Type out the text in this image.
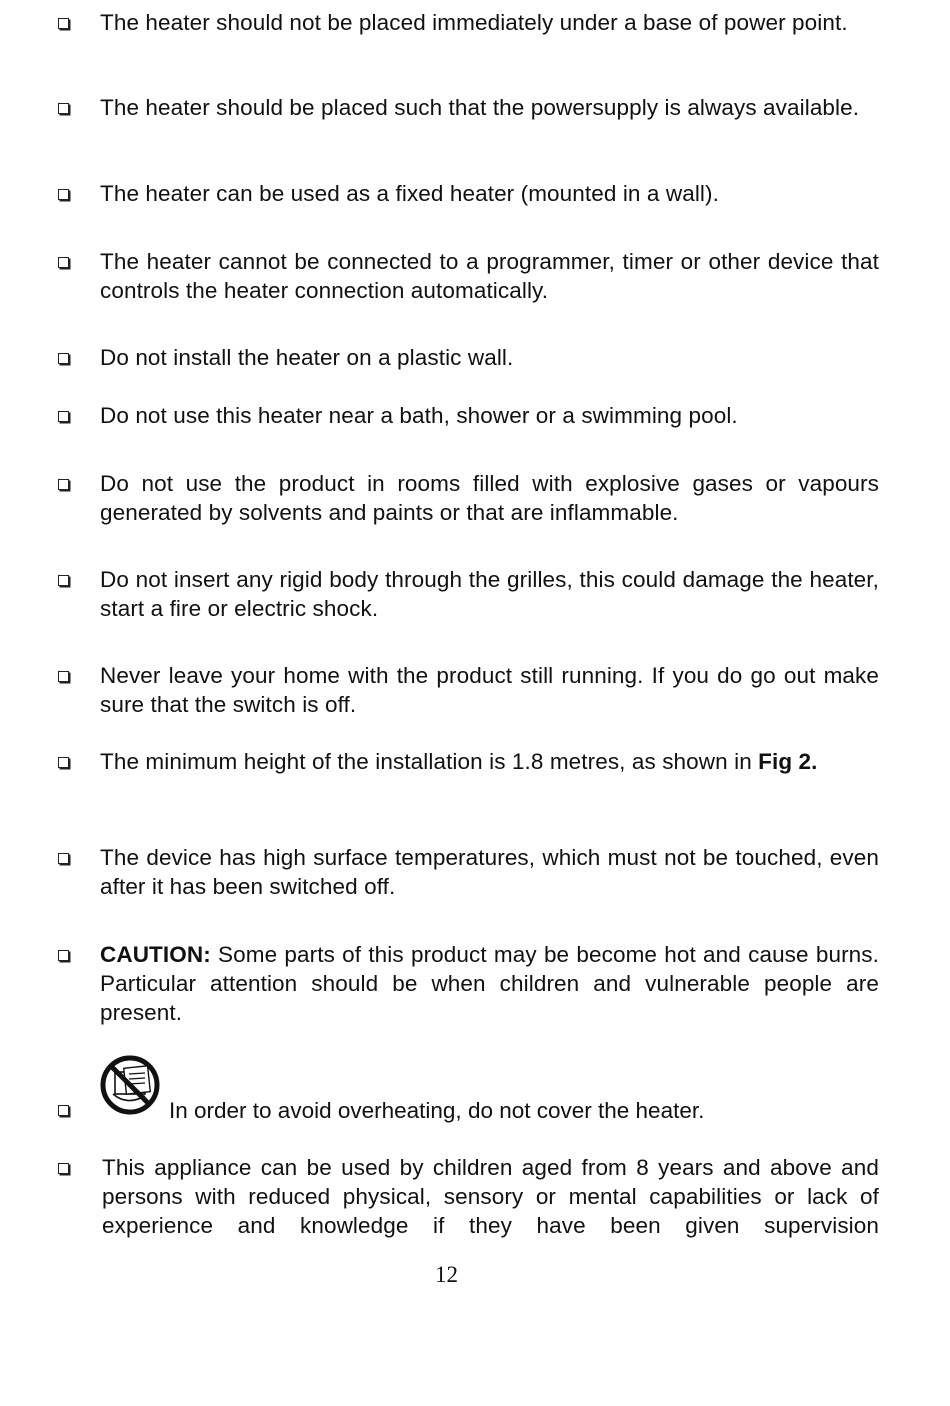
The heater should not be placed immediately under a base of power point.
The heater should be placed such that the powersupply is always available.
The heater can be used as a fixed heater (mounted in a wall).
The heater cannot be connected to a programmer, timer or other device that controls the heater connection automatically.
Do not install the heater on a plastic wall.
Do not use this heater near a bath, shower or a swimming pool.
Do not use the product in rooms filled with explosive gases or vapours generated by solvents and paints or that are inflammable.
Do not insert any rigid body through the grilles, this could damage the heater, start a fire or electric shock.
Never leave your home with the product still running. If you do go out make sure that the switch is off.
The minimum height of the installation is 1.8 metres, as shown in Fig 2.
The device has high surface temperatures, which must not be touched, even after it has been switched off.
CAUTION: Some parts of this product may be become hot and cause burns. Particular attention should be when children and vulnerable people are present.
In order to avoid overheating, do not cover the heater.
This appliance can be used by children aged from 8 years and above and persons with reduced physical, sensory or mental capabilities or lack of experience and knowledge if they have been given supervision
12
